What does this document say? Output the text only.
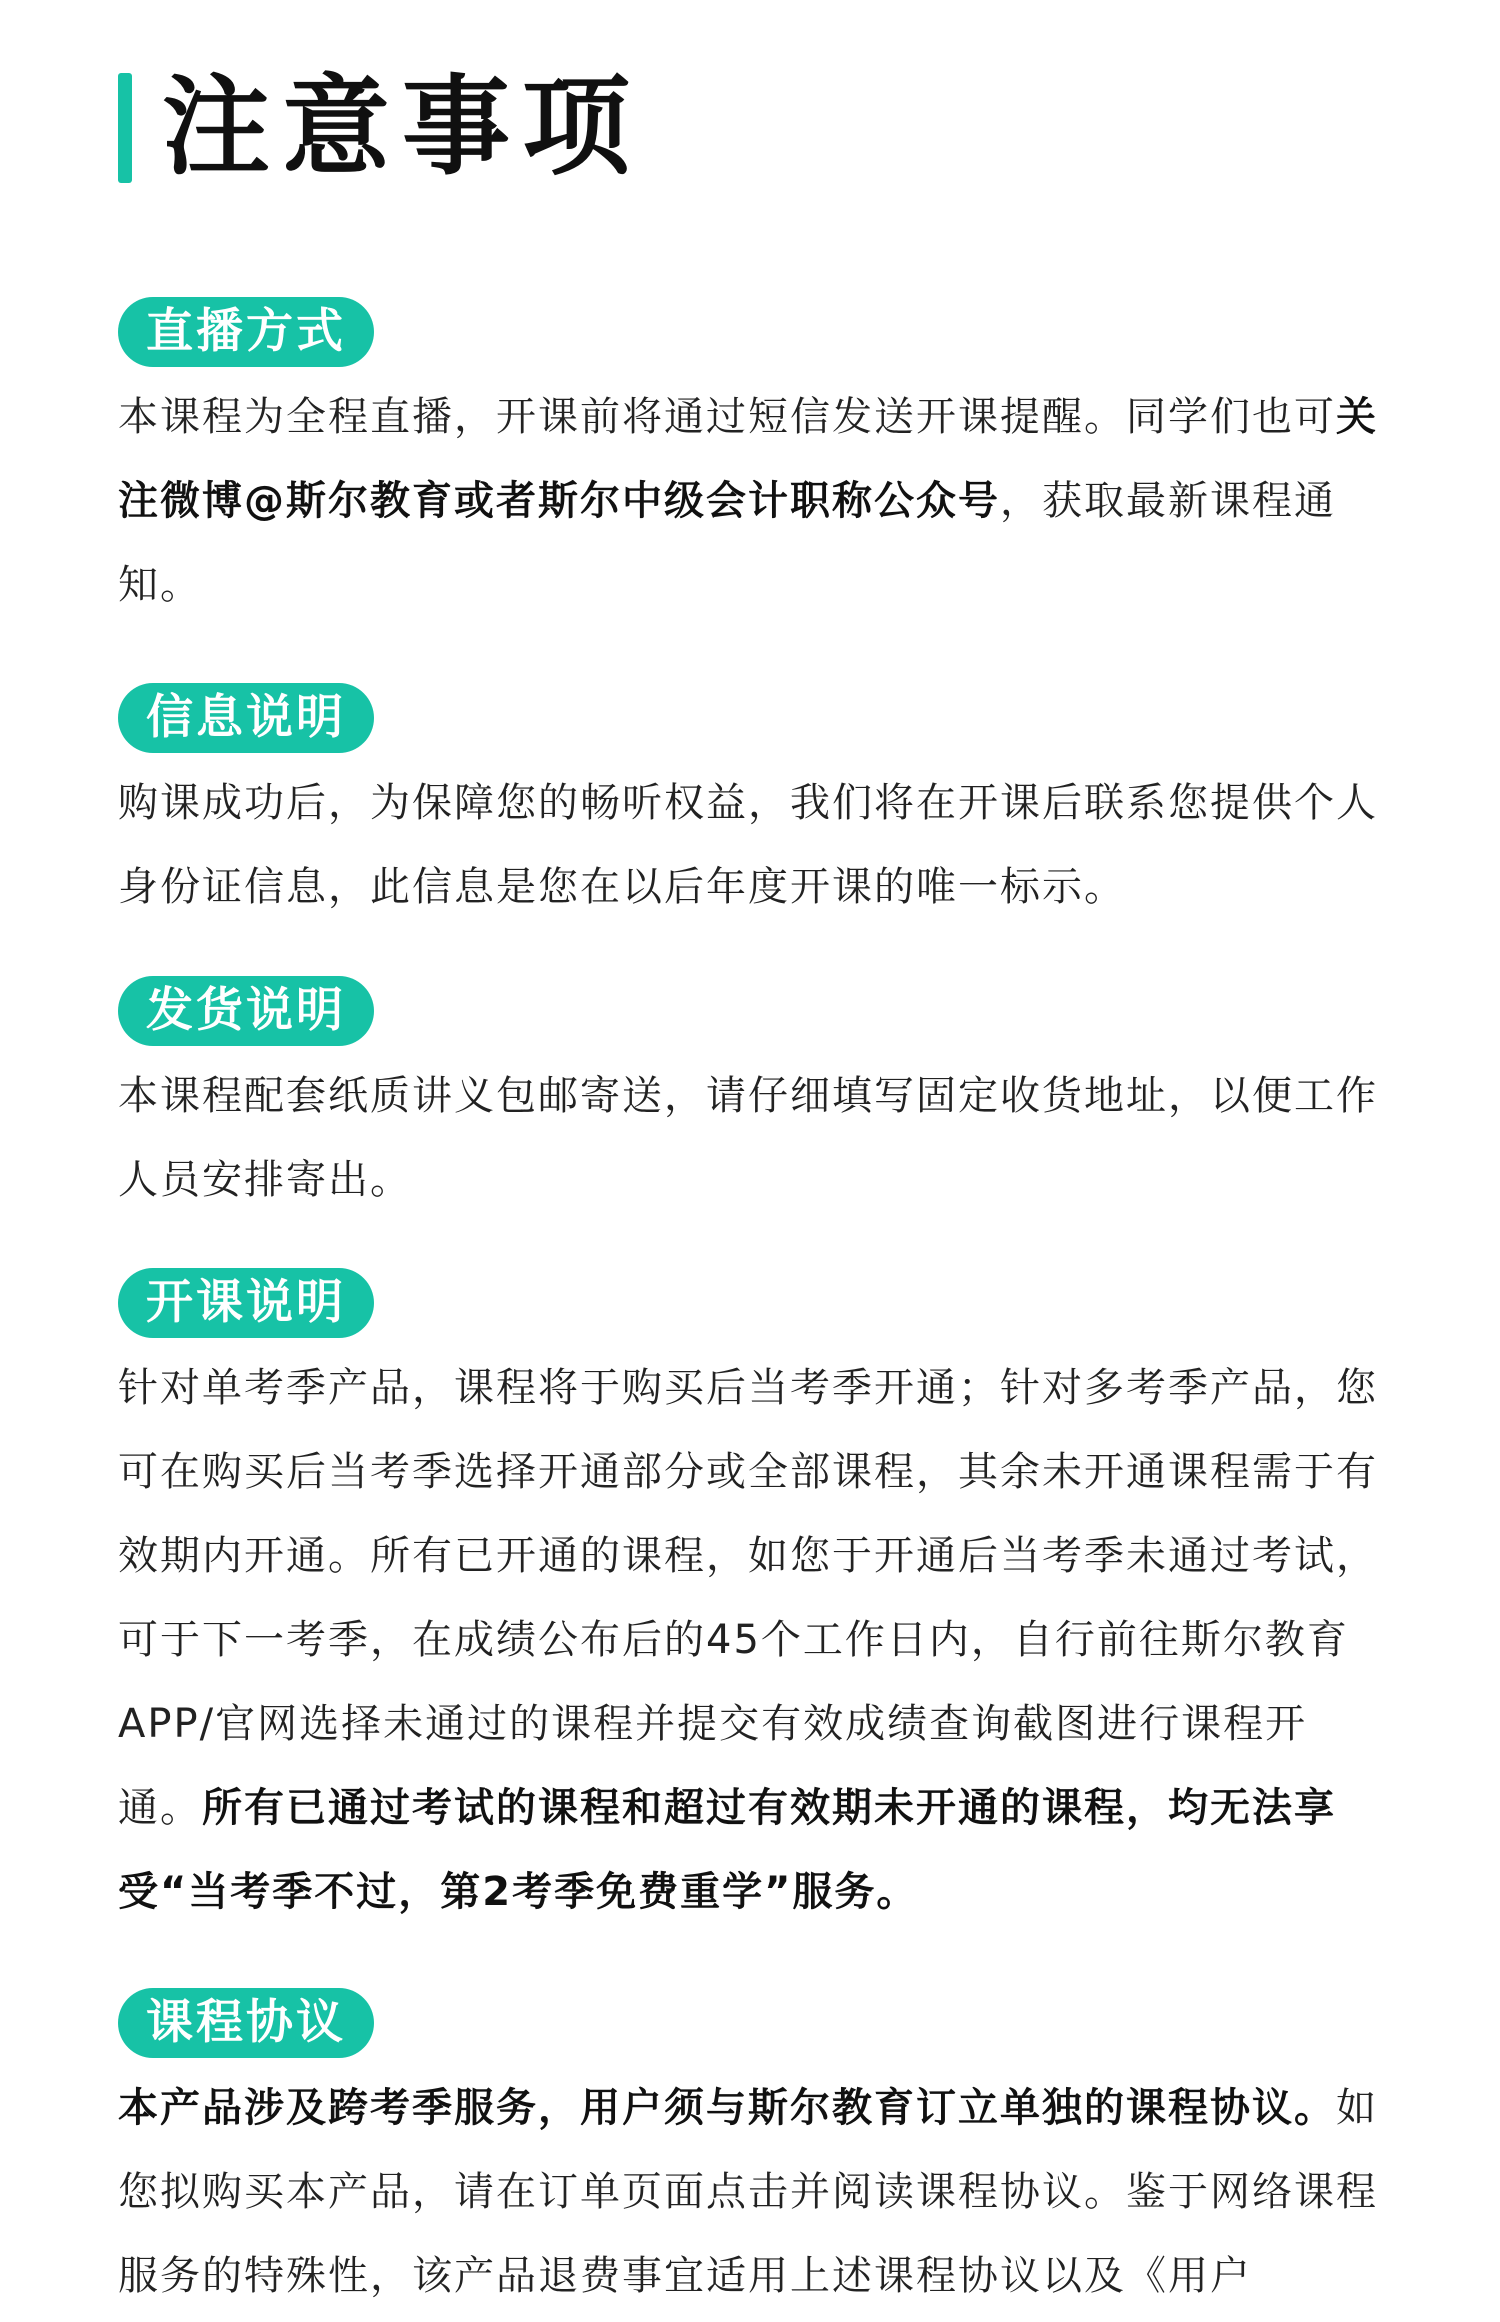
注意事项
直播方式

本课程为全程直播，开课前将通过短信发送开课提醒。同学们也可关注微博@斯尔教育或者斯尔中级会计职称公众号，获取最新课程通知。

信息说明

购课成功后，为保障您的畅听权益，我们将在开课后联系您提供个人身份证信息，此信息是您在以后年度开课的唯一标示。

发货说明

本课程配套纸质讲义包邮寄送，请仔细填写固定收货地址，以便工作人员安排寄出。

开课说明

针对单考季产品，课程将于购买后当考季开通；针对多考季产品，您可在购买后当考季选择开通部分或全部课程，其余未开通课程需于有效期内开通。所有已开通的课程，如您于开通后当考季未通过考试，可于下一考季，在成绩公布后的45个工作日内，自行前往斯尔教育APP/官网选择未通过的课程并提交有效成绩查询截图进行课程开通。所有已通过考试的课程和超过有效期未开通的课程，均无法享受“当考季不过，第2考季免费重学”服务。

课程协议

本产品涉及跨考季服务，用户须与斯尔教育订立单独的课程协议。如您拟购买本产品，请在订单页面点击并阅读课程协议。鉴于网络课程服务的特殊性，该产品退费事宜适用上述课程协议以及《用户
